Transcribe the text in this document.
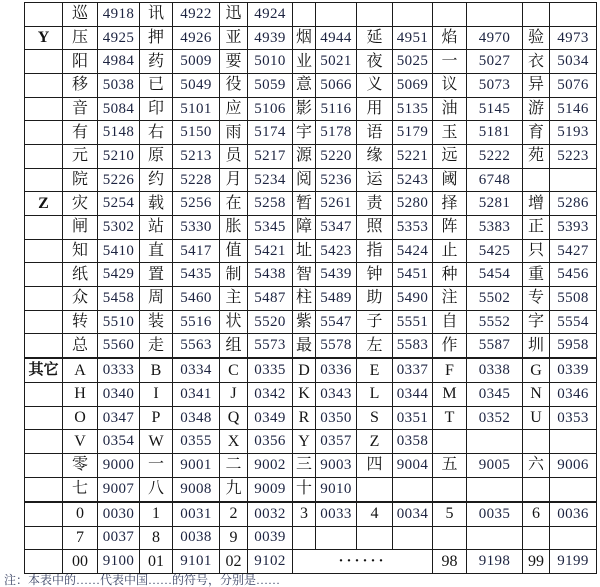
	巡	4918	讯	4922	迅	4924								
Y	压	4925	押	4926	亚	4939	烟	4944	延	4951	焰	4970	验	4973
	阳	4984	药	5009	要	5010	业	5021	夜	5025	一	5027	衣	5034
	移	5038	已	5049	役	5059	意	5066	义	5069	议	5073	异	5076
	音	5084	印	5101	应	5106	影	5116	用	5135	油	5145	游	5146
	有	5148	右	5150	雨	5174	宇	5178	语	5179	玉	5181	育	5193
	元	5210	原	5213	员	5217	源	5220	缘	5221	远	5222	苑	5223
	院	5226	约	5228	月	5234	阅	5236	运	5243	阈	6748		
Z	灾	5254	载	5256	在	5258	暂	5261	责	5280	择	5281	增	5286
	闸	5302	站	5330	胀	5345	障	5347	照	5353	阵	5383	正	5393
	知	5410	直	5417	值	5421	址	5423	指	5424	止	5425	只	5427
	纸	5429	置	5435	制	5438	智	5439	钟	5451	种	5454	重	5456
	众	5458	周	5460	主	5487	柱	5489	助	5490	注	5502	专	5508
	转	5510	装	5516	状	5520	紫	5547	子	5551	自	5552	字	5554
	总	5560	走	5563	组	5573	最	5578	左	5583	作	5587	圳	5958

其它	A	0333	B	0334	C	0335	D	0336	E	0337	F	0338	G	0339
	H	0340	I	0341	J	0342	K	0343	L	0344	M	0345	N	0346
	O	0347	P	0348	Q	0349	R	0350	S	0351	T	0352	U	0353
	V	0354	W	0355	X	0356	Y	0357	Z	0358				
	零	9000	一	9001	二	9002	三	9003	四	9004	五	9005	六	9006
	七	9007	八	9008	九	9009	十	9010						

	0	0030	1	0031	2	0032	3	0033	4	0034	5	0035	6	0036
	7	0037	8	0038	9	0039								
	00	9100	01	9101	02	9102	······				98	9198	99	9199
注：本表中的……代表中国……的符号，分别是……
